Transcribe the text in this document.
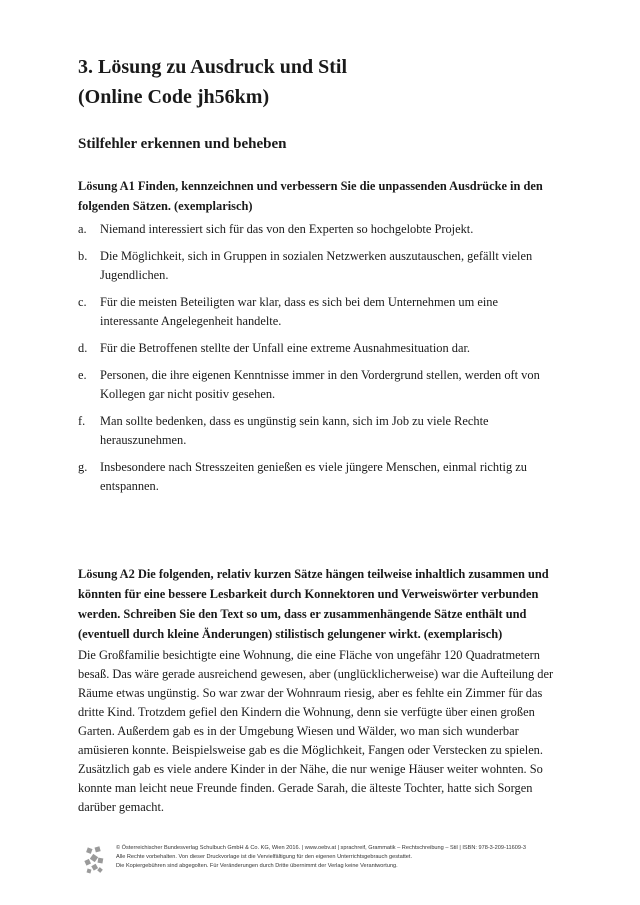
3. Lösung zu Ausdruck und Stil
(Online Code jh56km)
Stilfehler erkennen und beheben
Lösung A1 Finden, kennzeichnen und verbessern Sie die unpassenden Ausdrücke in den folgenden Sätzen. (exemplarisch)
a. Niemand interessiert sich für das von den Experten so hochgelobte Projekt.
b. Die Möglichkeit, sich in Gruppen in sozialen Netzwerken auszutauschen, gefällt vielen Jugendlichen.
c. Für die meisten Beteiligten war klar, dass es sich bei dem Unternehmen um eine interessante Angelegenheit handelte.
d. Für die Betroffenen stellte der Unfall eine extreme Ausnahmesituation dar.
e. Personen, die ihre eigenen Kenntnisse immer in den Vordergrund stellen, werden oft von Kollegen gar nicht positiv gesehen.
f. Man sollte bedenken, dass es ungünstig sein kann, sich im Job zu viele Rechte herauszunehmen.
g. Insbesondere nach Stresszeiten genießen es viele jüngere Menschen, einmal richtig zu entspannen.
Lösung A2 Die folgenden, relativ kurzen Sätze hängen teilweise inhaltlich zusammen und könnten für eine bessere Lesbarkeit durch Konnektoren und Verweiswörter verbunden werden. Schreiben Sie den Text so um, dass er zusammenhängende Sätze enthält und (eventuell durch kleine Änderungen) stilistisch gelungener wirkt. (exemplarisch)

Die Großfamilie besichtigte eine Wohnung, die eine Fläche von ungefähr 120 Quadratmetern besaß. Das wäre gerade ausreichend gewesen, aber (unglücklicherweise) war die Aufteilung der Räume etwas ungünstig. So war zwar der Wohnraum riesig, aber es fehlte ein Zimmer für das dritte Kind. Trotzdem gefiel den Kindern die Wohnung, denn sie verfügte über einen großen Garten. Außerdem gab es in der Umgebung Wiesen und Wälder, wo man sich wunderbar amüsieren konnte. Beispielsweise gab es die Möglichkeit, Fangen oder Verstecken zu spielen. Zusätzlich gab es viele andere Kinder in der Nähe, die nur wenige Häuser weiter wohnten. So konnte man leicht neue Freunde finden. Gerade Sarah, die älteste Tochter, hatte sich Sorgen darüber gemacht.

© Österreichischer Bundesverlag Schulbuch GmbH & Co. KG, Wien 2016. | www.oebv.at | sprachreif, Grammatik – Rechtschreibung – Stil | ISBN: 978-3-209-11609-3
Alle Rechte vorbehalten. Von dieser Druckvorlage ist die Vervielfältigung für den eigenen Unterrichtsgebrauch gestattet.
Die Kopiergebühren sind abgegolten. Für Veränderungen durch Dritte übernimmt der Verlag keine Verantwortung.
